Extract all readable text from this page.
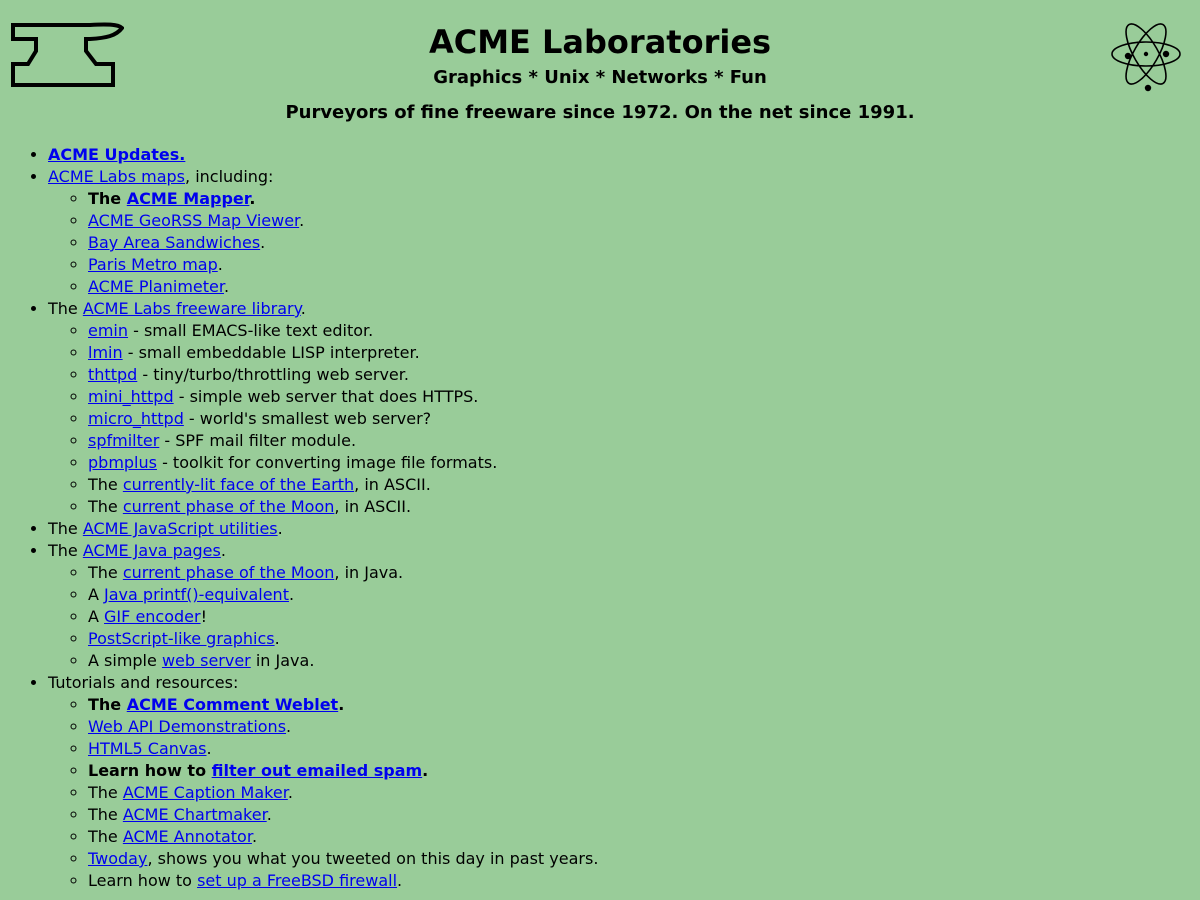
ACME Laboratories
Graphics * Unix * Networks * Fun
Purveyors of fine freeware since 1972. On the net since 1991.
• ACME Updates.
• ACME Labs maps, including:
◦ The ACME Mapper.
◦ ACME GeoRSS Map Viewer.
◦ Bay Area Sandwiches.
◦ Paris Metro map.
◦ ACME Planimeter.
• The ACME Labs freeware library.
◦ emin - small EMACS-like text editor.
◦ lmin - small embeddable LISP interpreter.
◦ thttpd - tiny/turbo/throttling web server.
◦ mini_httpd - simple web server that does HTTPS.
◦ micro_httpd - world's smallest web server?
◦ spfmilter - SPF mail filter module.
◦ pbmplus - toolkit for converting image file formats.
◦ The currently-lit face of the Earth, in ASCII.
◦ The current phase of the Moon, in ASCII.
• The ACME JavaScript utilities.
• The ACME Java pages.
◦ The current phase of the Moon, in Java.
◦ A Java printf()-equivalent.
◦ A GIF encoder!
◦ PostScript-like graphics.
◦ A simple web server in Java.
• Tutorials and resources:
◦ The ACME Comment Weblet.
◦ Web API Demonstrations.
◦ HTML5 Canvas.
◦ Learn how to filter out emailed spam.
◦ The ACME Caption Maker.
◦ The ACME Chartmaker.
◦ The ACME Annotator.
◦ Twoday, shows you what you tweeted on this day in past years.
◦ Learn how to set up a FreeBSD firewall.
